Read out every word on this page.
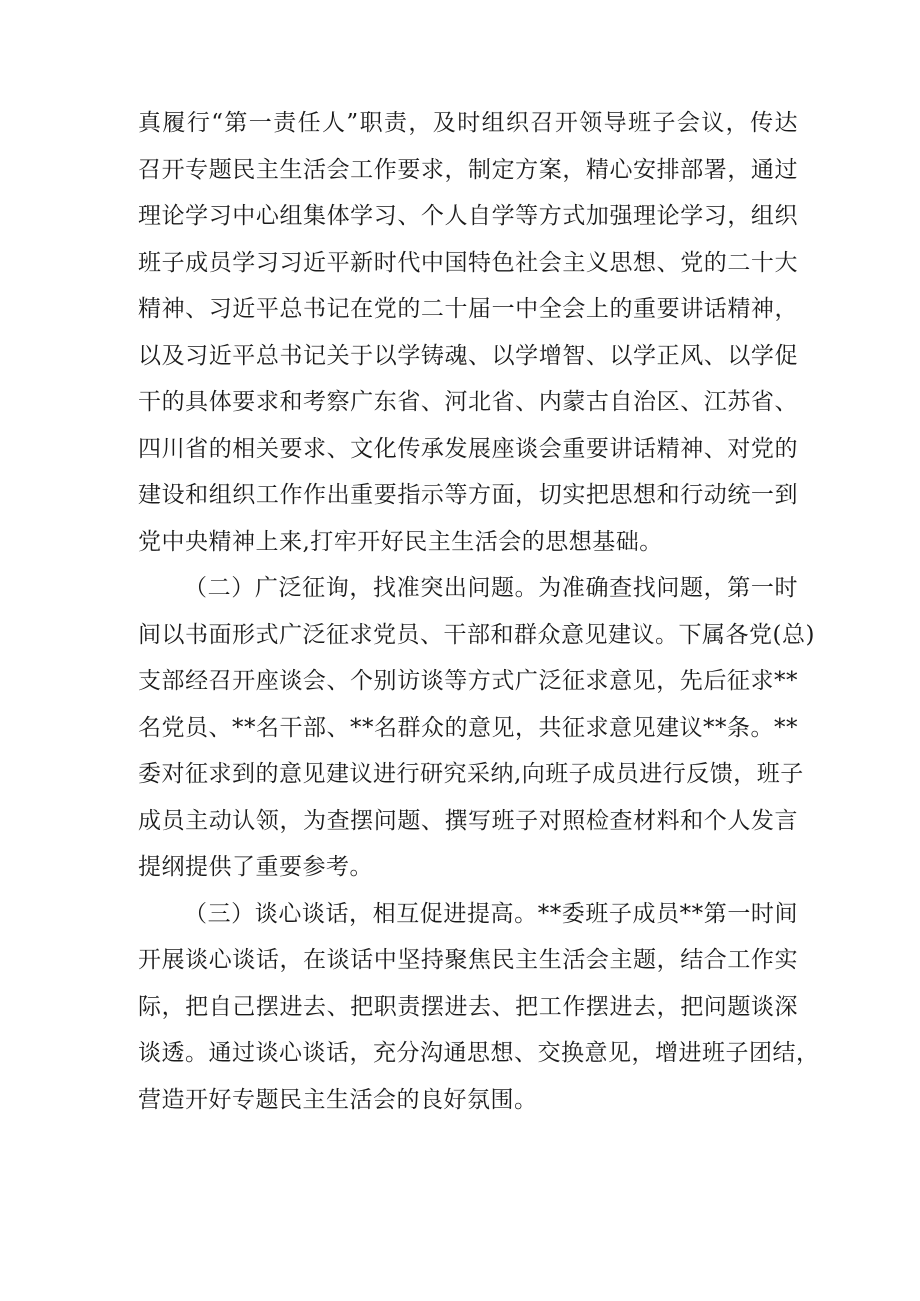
真履行“第一责任人”职责，及时组织召开领导班子会议，传达
召开专题民主生活会工作要求，制定方案，精心安排部署，通过
理论学习中心组集体学习、个人自学等方式加强理论学习，组织
班子成员学习习近平新时代中国特色社会主义思想、党的二十大
精神、习近平总书记在党的二十届一中全会上的重要讲话精神，
以及习近平总书记关于以学铸魂、以学增智、以学正风、以学促
干的具体要求和考察广东省、河北省、内蒙古自治区、江苏省、
四川省的相关要求、文化传承发展座谈会重要讲话精神、对党的
建设和组织工作作出重要指示等方面，切实把思想和行动统一到
党中央精神上来,打牢开好民主生活会的思想基础。
（二）广泛征询，找准突出问题。为准确查找问题，第一时
间以书面形式广泛征求党员、干部和群众意见建议。下属各党(总)
支部经召开座谈会、个别访谈等方式广泛征求意见，先后征求**
名党员、**名干部、**名群众的意见，共征求意见建议**条。**
委对征求到的意见建议进行研究采纳,向班子成员进行反馈，班子
成员主动认领，为查摆问题、撰写班子对照检查材料和个人发言
提纲提供了重要参考。
（三）谈心谈话，相互促进提高。**委班子成员**第一时间
开展谈心谈话，在谈话中坚持聚焦民主生活会主题，结合工作实
际，把自己摆进去、把职责摆进去、把工作摆进去，把问题谈深
谈透。通过谈心谈话，充分沟通思想、交换意见，增进班子团结，
营造开好专题民主生活会的良好氛围。
